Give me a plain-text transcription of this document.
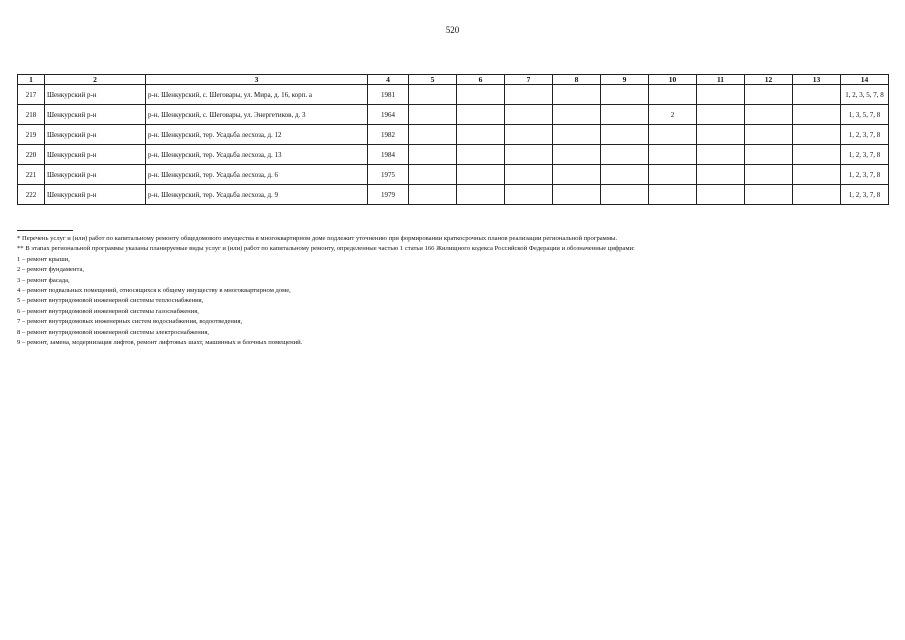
520
1	2	3	4	5	6	7	8	9	10	11	12	13	14
217	Шенкурский р-н	р-н. Шенкурский, с. Шеговары, ул. Мира, д. 16, корп. а	1981										1, 2, 3, 5, 7, 8
218	Шенкурский р-н	р-н. Шенкурский, с. Шеговары, ул. Энергетиков, д. 3	1964						2				1, 3, 5, 7, 8
219	Шенкурский р-н	р-н. Шенкурский, тер. Усадьба лесхоза, д. 12	1982										1, 2, 3, 7, 8
220	Шенкурский р-н	р-н. Шенкурский, тер. Усадьба лесхоза, д. 13	1984										1, 2, 3, 7, 8
221	Шенкурский р-н	р-н. Шенкурский, тер. Усадьба лесхоза, д. 6	1975										1, 2, 3, 7, 8
222	Шенкурский р-н	р-н. Шенкурский, тер. Усадьба лесхоза, д. 9	1979										1, 2, 3, 7, 8
* Перечень услуг и (или) работ по капитальному ремонту общедомового имущества в многоквартирном доме подлежит уточнению при формировании краткосрочных планов реализации региональной программы.
** В этапах региональной программы указаны планируемые виды услуг и (или) работ по капитальному ремонту, определенные частью 1 статьи 166 Жилищного кодекса Российской Федерации и обозначенные цифрами:
1 – ремонт крыши,
2 – ремонт фундамента,
3 – ремонт фасада,
4 – ремонт подвальных помещений, относящихся к общему имуществу в многоквартирном доме,
5 – ремонт внутридомовой инженерной системы теплоснабжения,
6 – ремонт внутридомовой инженерной системы газоснабжения,
7 – ремонт внутридомовых инженерных систем водоснабжения, водоотведения,
8 – ремонт внутридомовой инженерной системы электроснабжения,
9 – ремонт, замена, модернизация лифтов, ремонт лифтовых шахт, машинных и блочных помещений.
